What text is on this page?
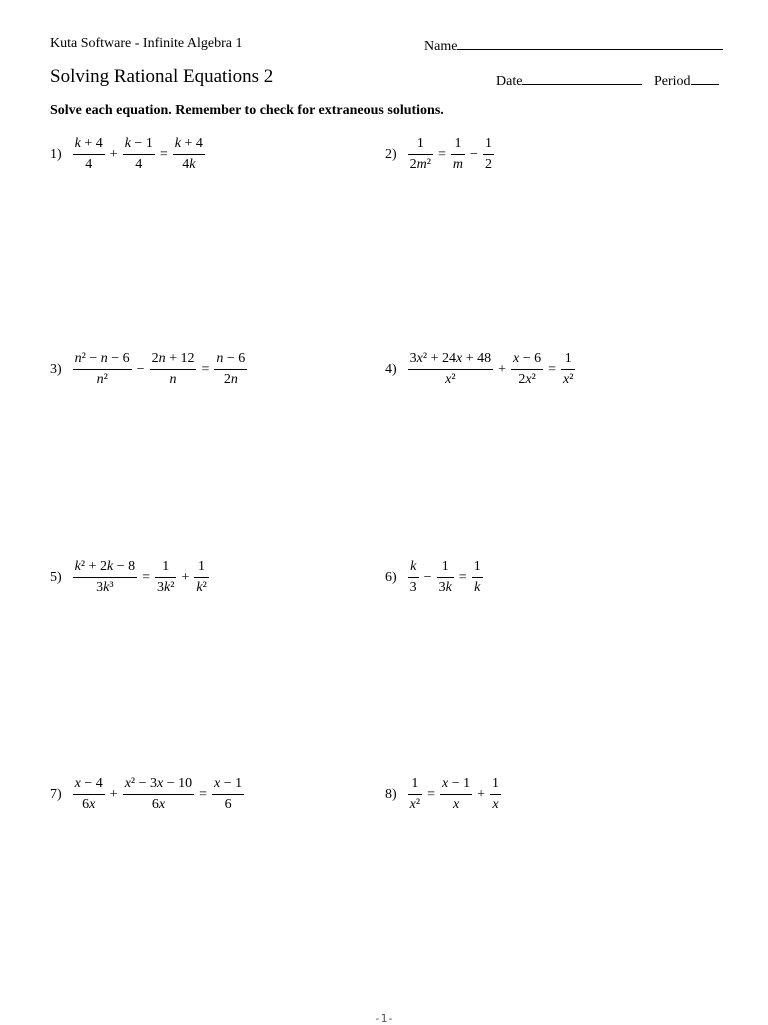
Kuta Software - Infinite Algebra 1	Name
Solving Rational Equations 2	Date	Period
Solve each equation. Remember to check for extraneous solutions.
$1) \frac{k + 4}{4} + \frac{k - 1}{4} = \frac{k + 4}{4k}$	$2) \frac{1}{\text{2m²}} = \frac{1}{m} - \frac{1}{2}$
$3) \frac{\text{n² − n − 6}}{\text{n²}} - \frac{2n + 12}{n} = \frac{n - 6}{2n}$	$4) \frac{\text{3x² + 24x + 48}}{\text{x²}} + \frac{x - 6}{\text{2x²}} = \frac{1}{\text{x²}}$
$5) \frac{\text{k² + 2k − 8}}{\text{3k³}} = \frac{1}{\text{3k²}} + \frac{1}{\text{k²}}$	$6) \frac{k}{3} - \frac{1}{3k} = \frac{1}{k}$
$7) \frac{x - 4}{6x} + \frac{\text{x² − 3x − 10}}{6x} = \frac{x - 1}{6}$	$8) \frac{1}{\text{x²}} = \frac{x - 1}{x} + \frac{1}{x}$
-1-
